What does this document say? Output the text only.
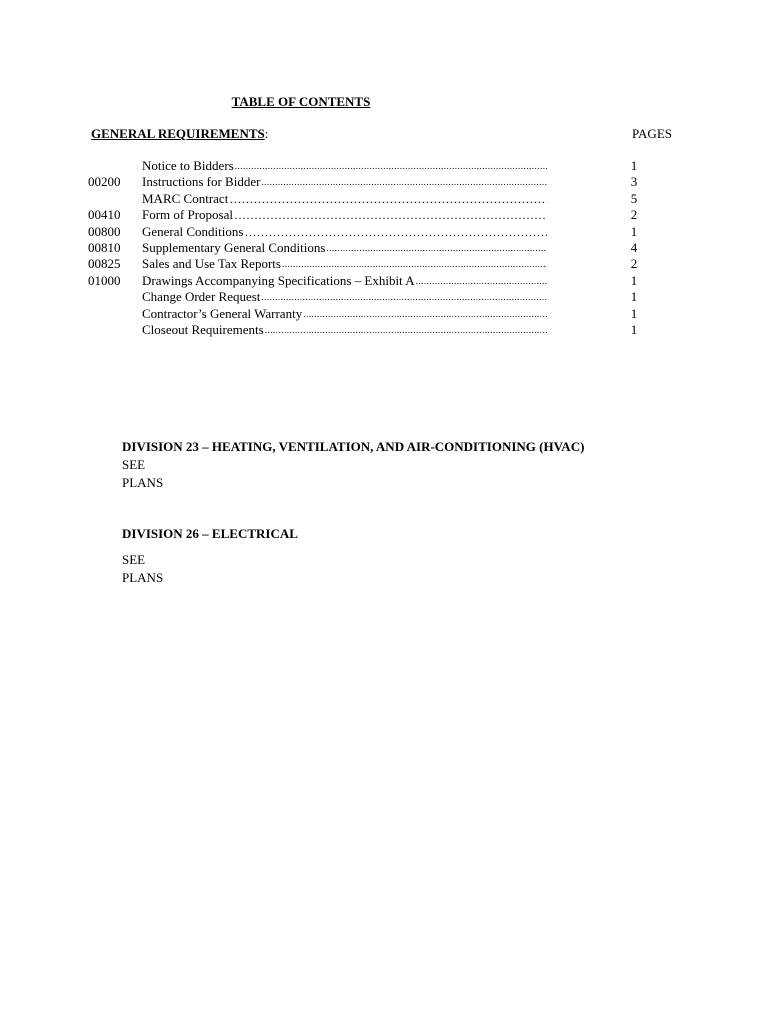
TABLE OF CONTENTS
GENERAL REQUIREMENTS:	PAGES
Notice to Bidders .....	1
00200	Instructions for Bidder .....	3
MARC Contract …………………………………………………………………………………………………………	5
00410	Form of Proposal …………………………………………………………………………………………………………	2
00800	General Conditions …………………………………………………………………………………………………………	1
00810	Supplementary General Conditions .....	4
00825	Sales and Use Tax Reports .....	2
01000	Drawings Accompanying Specifications – Exhibit A .....	1
Change Order Request .....	1
Contractor’s General Warranty .....	1
Closeout Requirements .....	1
DIVISION 23 – HEATING, VENTILATION, AND AIR-CONDITIONING (HVAC)
SEE
PLANS
DIVISION 26 – ELECTRICAL
SEE
PLANS
